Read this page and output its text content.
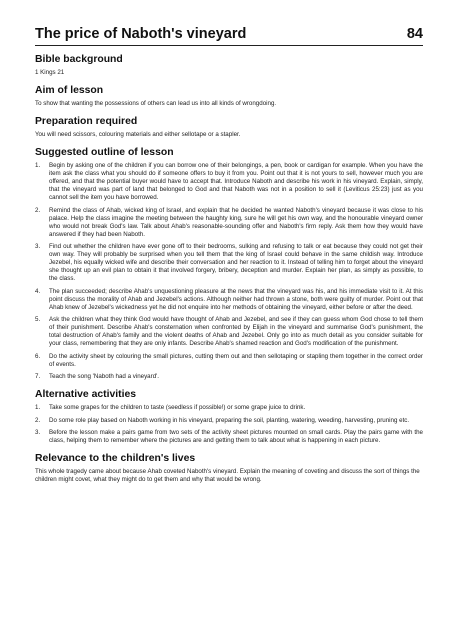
The price of Naboth's vineyard	84
Bible background

1 Kings 21

Aim of lesson

To show that wanting the possessions of others can lead us into all kinds of wrongdoing.

Preparation required

You will need scissors, colouring materials and either sellotape or a stapler.

Suggested outline of lesson
1.	Begin by asking one of the children if you can borrow one of their belongings, a pen, book or cardigan for example. When you have the item ask the class what you should do if someone offers to buy it from you. Point out that it is not yours to sell, however much you are offered, and that the potential buyer would have to accept that. Introduce Naboth and describe his work in his vineyard. Explain, simply, that the vineyard was part of land that belonged to God and that Naboth was not in a position to sell it (Leviticus 25:23) just as you cannot sell the item you have borrowed.
2.	Remind the class of Ahab, wicked king of Israel, and explain that he decided he wanted Naboth's vineyard because it was close to his palace. Help the class imagine the meeting between the haughty king, sure he will get his own way, and the honourable vineyard owner who would not break God's law. Talk about Ahab's reasonable-sounding offer and Naboth's firm reply. Ask them how they would have answered if they had been Naboth.
3.	Find out whether the children have ever gone off to their bedrooms, sulking and refusing to talk or eat because they could not get their own way. They will probably be surprised when you tell them that the king of Israel could behave in the same childish way. Introduce Jezebel, his equally wicked wife and describe their conversation and her reaction to it. Instead of telling him to forget about the vineyard she thought up an evil plan to obtain it that involved forgery, bribery, deception and murder. Explain her plan, as simply as possible, to the class.
4.	The plan succeeded; describe Ahab's unquestioning pleasure at the news that the vineyard was his, and his immediate visit to it. At this point discuss the morality of Ahab and Jezebel's actions. Although neither had thrown a stone, both were guilty of murder. Point out that Ahab knew of Jezebel's wickedness yet he did not enquire into her methods of obtaining the vineyard, either before or after the deed.
5.	Ask the children what they think God would have thought of Ahab and Jezebel, and see if they can guess whom God chose to tell them of their punishment. Describe Ahab's consternation when confronted by Elijah in the vineyard and summarise God's punishment, the total destruction of Ahab's family and the violent deaths of Ahab and Jezebel. Only go into as much detail as you consider suitable for your class, remembering that they are only infants. Describe Ahab's shamed reaction and God's modification of the punishment.
6.	Do the activity sheet by colouring the small pictures, cutting them out and then sellotaping or stapling them together in the correct order of events.
7.	Teach the song 'Naboth had a vineyard'.
Alternative activities
1.	Take some grapes for the children to taste (seedless if possible!) or some grape juice to drink.
2.	Do some role play based on Naboth working in his vineyard, preparing the soil, planting, watering, weeding, harvesting, pruning etc.
3.	Before the lesson make a pairs game from two sets of the activity sheet pictures mounted on small cards. Play the pairs game with the class, helping them to remember where the pictures are and getting them to talk about what is happening in each picture.
Relevance to the children's lives

This whole tragedy came about because Ahab coveted Naboth's vineyard. Explain the meaning of coveting and discuss the sort of things the children might covet, what they might do to get them and why that would be wrong.
